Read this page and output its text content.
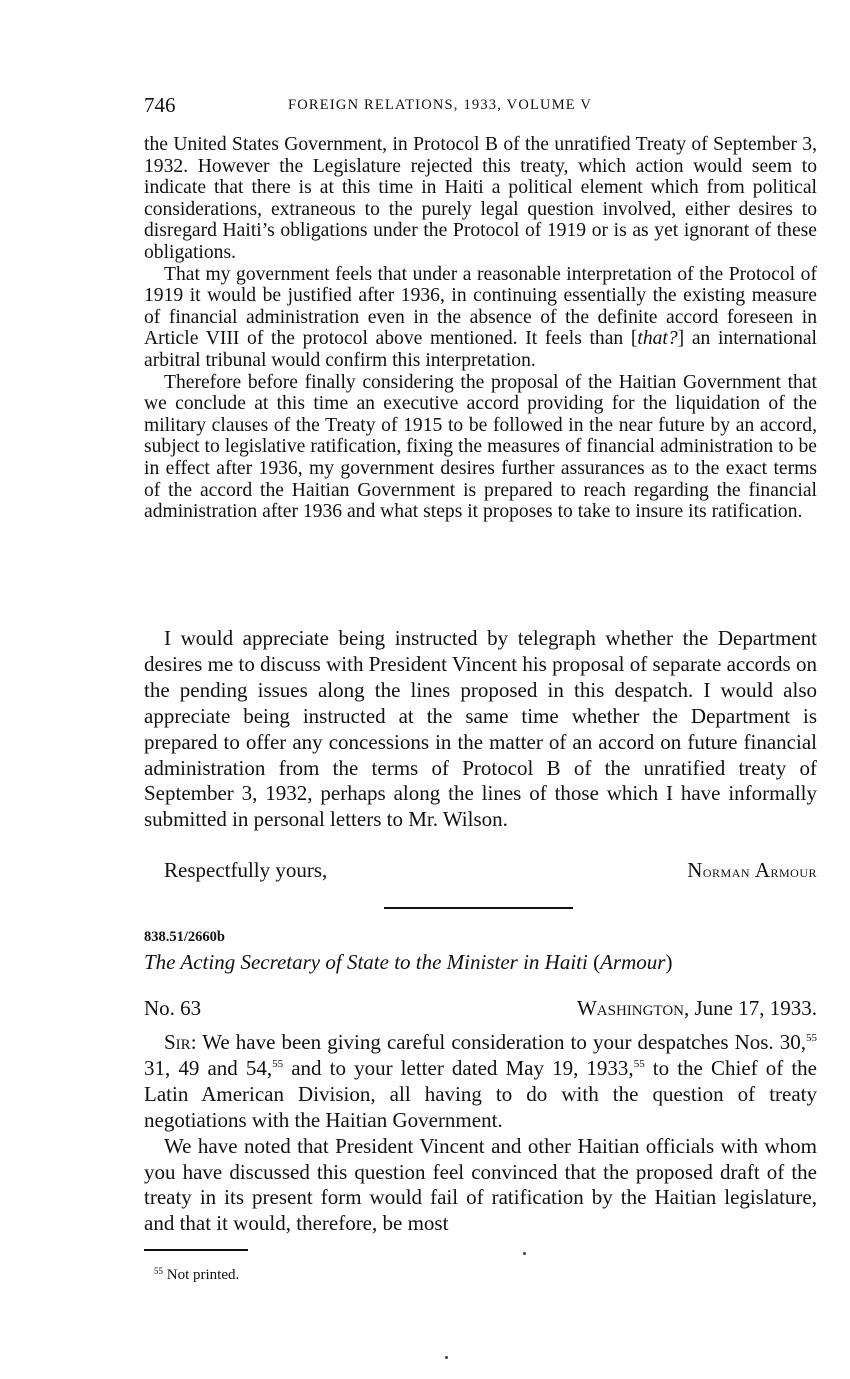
746	FOREIGN RELATIONS, 1933, VOLUME V

the United States Government, in Protocol B of the unratified Treaty of September 3, 1932. However the Legislature rejected this treaty, which action would seem to indicate that there is at this time in Haiti a political element which from political considerations, extraneous to the purely legal question involved, either desires to disregard Haiti’s obligations under the Protocol of 1919 or is as yet ignorant of these obligations.

That my government feels that under a reasonable interpretation of the Protocol of 1919 it would be justified after 1936, in continuing essentially the existing measure of financial administration even in the absence of the definite accord foreseen in Article VIII of the protocol above mentioned. It feels than [that?] an international arbitral tribunal would confirm this interpretation.

Therefore before finally considering the proposal of the Haitian Government that we conclude at this time an executive accord providing for the liquidation of the military clauses of the Treaty of 1915 to be followed in the near future by an accord, subject to legislative ratification, fixing the measures of financial administration to be in effect after 1936, my government desires further assurances as to the exact terms of the accord the Haitian Government is prepared to reach regarding the financial administration after 1936 and what steps it proposes to take to insure its ratification.

I would appreciate being instructed by telegraph whether the Department desires me to discuss with President Vincent his proposal of separate accords on the pending issues along the lines proposed in this despatch. I would also appreciate being instructed at the same time whether the Department is prepared to offer any concessions in the matter of an accord on future financial administration from the terms of Protocol B of the unratified treaty of September 3, 1932, perhaps along the lines of those which I have informally submitted in personal letters to Mr. Wilson.

Respectfully yours,	Norman Armour
838.51/2660b
The Acting Secretary of State to the Minister in Haiti (Armour)
No. 63	Washington, June 17, 1933.

Sir: We have been giving careful consideration to your despatches Nos. 30,55 31, 49 and 54,55 and to your letter dated May 19, 1933,55 to the Chief of the Latin American Division, all having to do with the question of treaty negotiations with the Haitian Government.

We have noted that President Vincent and other Haitian officials with whom you have discussed this question feel convinced that the proposed draft of the treaty in its present form would fail of ratification by the Haitian legislature, and that it would, therefore, be most

$^{55}$ Not printed.
